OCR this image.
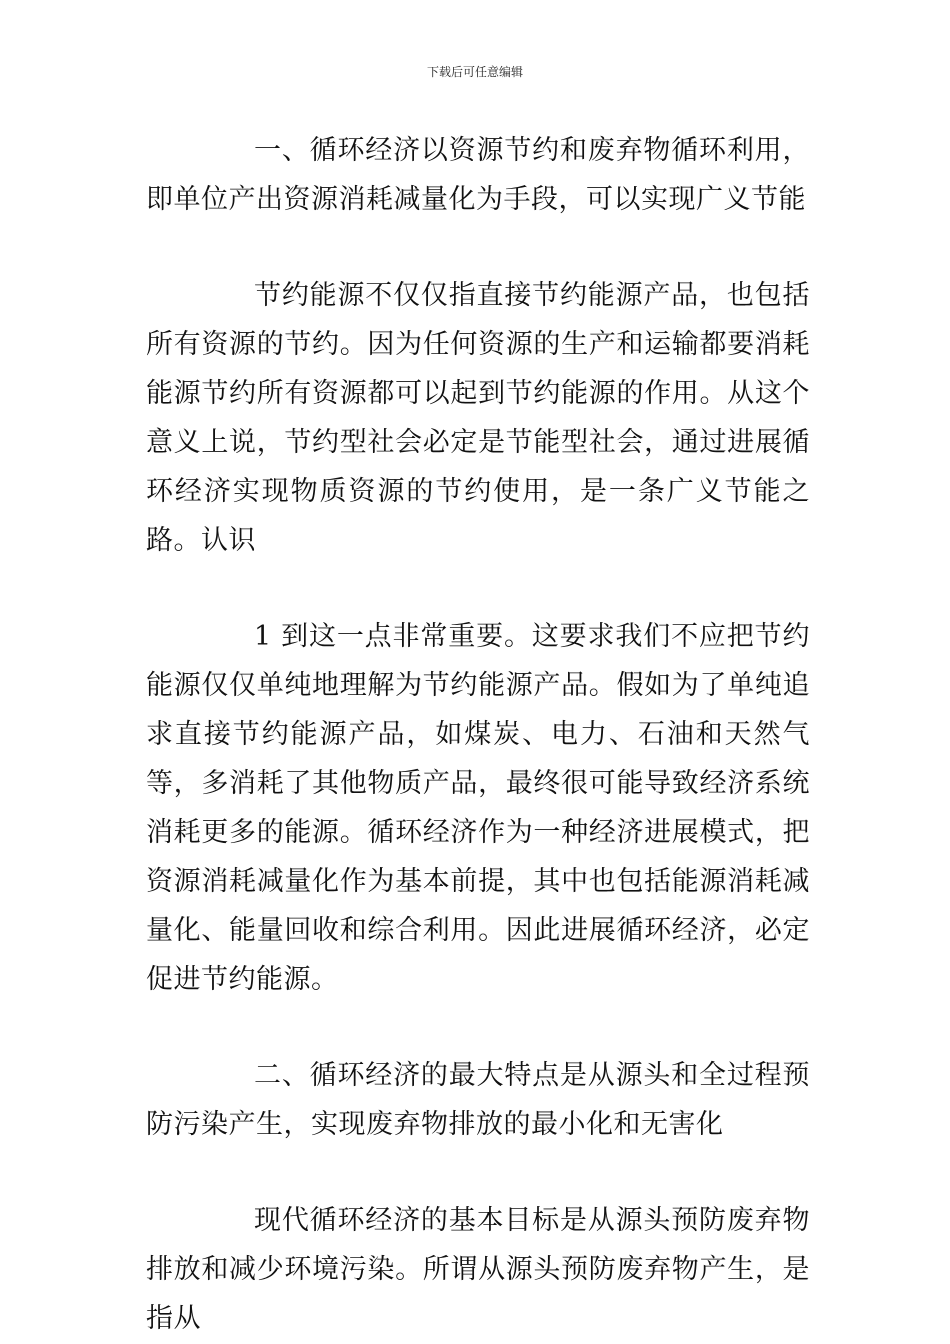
下载后可任意编辑

一、循环经济以资源节约和废弃物循环利用，即单位产出资源消耗减量化为手段，可以实现广义节能

节约能源不仅仅指直接节约能源产品，也包括所有资源的节约。因为任何资源的生产和运输都要消耗能源节约所有资源都可以起到节约能源的作用。从这个意义上说，节约型社会必定是节能型社会，通过进展循环经济实现物质资源的节约使用，是一条广义节能之路。认识

1 到这一点非常重要。这要求我们不应把节约能源仅仅单纯地理解为节约能源产品。假如为了单纯追求直接节约能源产品，如煤炭、电力、石油和天然气等，多消耗了其他物质产品，最终很可能导致经济系统消耗更多的能源。循环经济作为一种经济进展模式，把资源消耗减量化作为基本前提，其中也包括能源消耗减量化、能量回收和综合利用。因此进展循环经济，必定促进节约能源。

二、循环经济的最大特点是从源头和全过程预防污染产生，实现废弃物排放的最小化和无害化

现代循环经济的基本目标是从源头预防废弃物排放和减少环境污染。所谓从源头预防废弃物产生，是指从
